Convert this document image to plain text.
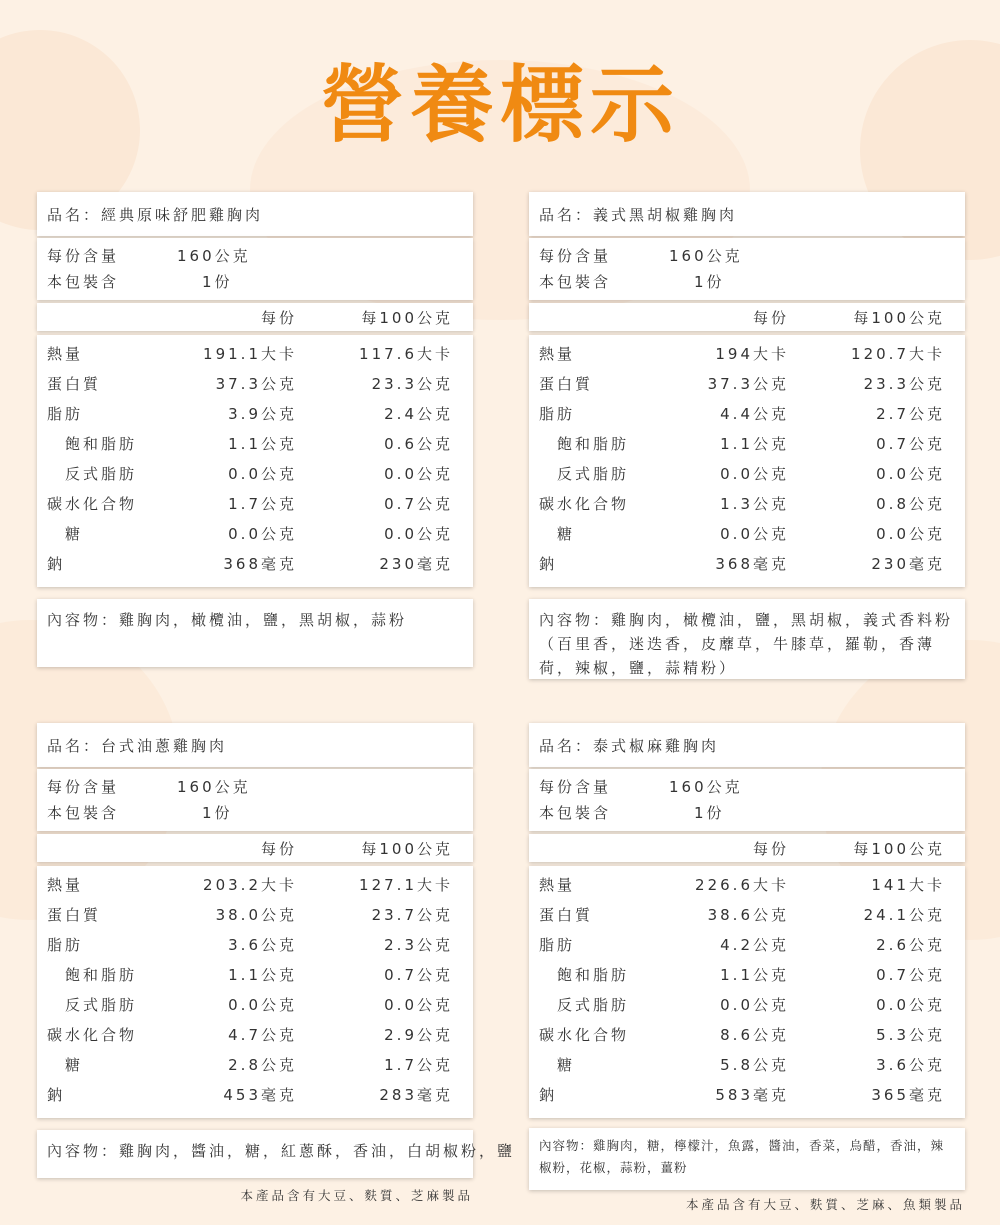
營養標示
品名：經典原味舒肥雞胸肉
每份含量	160公克
本包裝含	1份
每份	每100公克
熱量	191.1大卡	117.6大卡
蛋白質	37.3公克	23.3公克
脂肪	3.9公克	2.4公克
飽和脂肪	1.1公克	0.6公克
反式脂肪	0.0公克	0.0公克
碳水化合物	1.7公克	0.7公克
糖	0.0公克	0.0公克
鈉	368毫克	230毫克
內容物：雞胸肉，橄欖油，鹽，黑胡椒，蒜粉
品名：義式黑胡椒雞胸肉
每份含量	160公克
本包裝含	1份
每份	每100公克
熱量	194大卡	120.7大卡
蛋白質	37.3公克	23.3公克
脂肪	4.4公克	2.7公克
飽和脂肪	1.1公克	0.7公克
反式脂肪	0.0公克	0.0公克
碳水化合物	1.3公克	0.8公克
糖	0.0公克	0.0公克
鈉	368毫克	230毫克
內容物：雞胸肉，橄欖油，鹽，黑胡椒，義式香料粉（百里香，迷迭香，皮蘼草，牛膝草，羅勒，香薄荷，辣椒，鹽，蒜精粉）
品名：台式油蔥雞胸肉
每份含量	160公克
本包裝含	1份
每份	每100公克
熱量	203.2大卡	127.1大卡
蛋白質	38.0公克	23.7公克
脂肪	3.6公克	2.3公克
飽和脂肪	1.1公克	0.7公克
反式脂肪	0.0公克	0.0公克
碳水化合物	4.7公克	2.9公克
糖	2.8公克	1.7公克
鈉	453毫克	283毫克
內容物：雞胸肉，醬油，糖，紅蔥酥，香油，白胡椒粉，鹽
本產品含有大豆、麩質、芝麻製品
品名：泰式椒麻雞胸肉
每份含量	160公克
本包裝含	1份
每份	每100公克
熱量	226.6大卡	141大卡
蛋白質	38.6公克	24.1公克
脂肪	4.2公克	2.6公克
飽和脂肪	1.1公克	0.7公克
反式脂肪	0.0公克	0.0公克
碳水化合物	8.6公克	5.3公克
糖	5.8公克	3.6公克
鈉	583毫克	365毫克
內容物：雞胸肉，糖，檸檬汁，魚露，醬油，香菜，烏醋，香油，辣椒粉，花椒，蒜粉，薑粉
本產品含有大豆、麩質、芝麻、魚類製品
